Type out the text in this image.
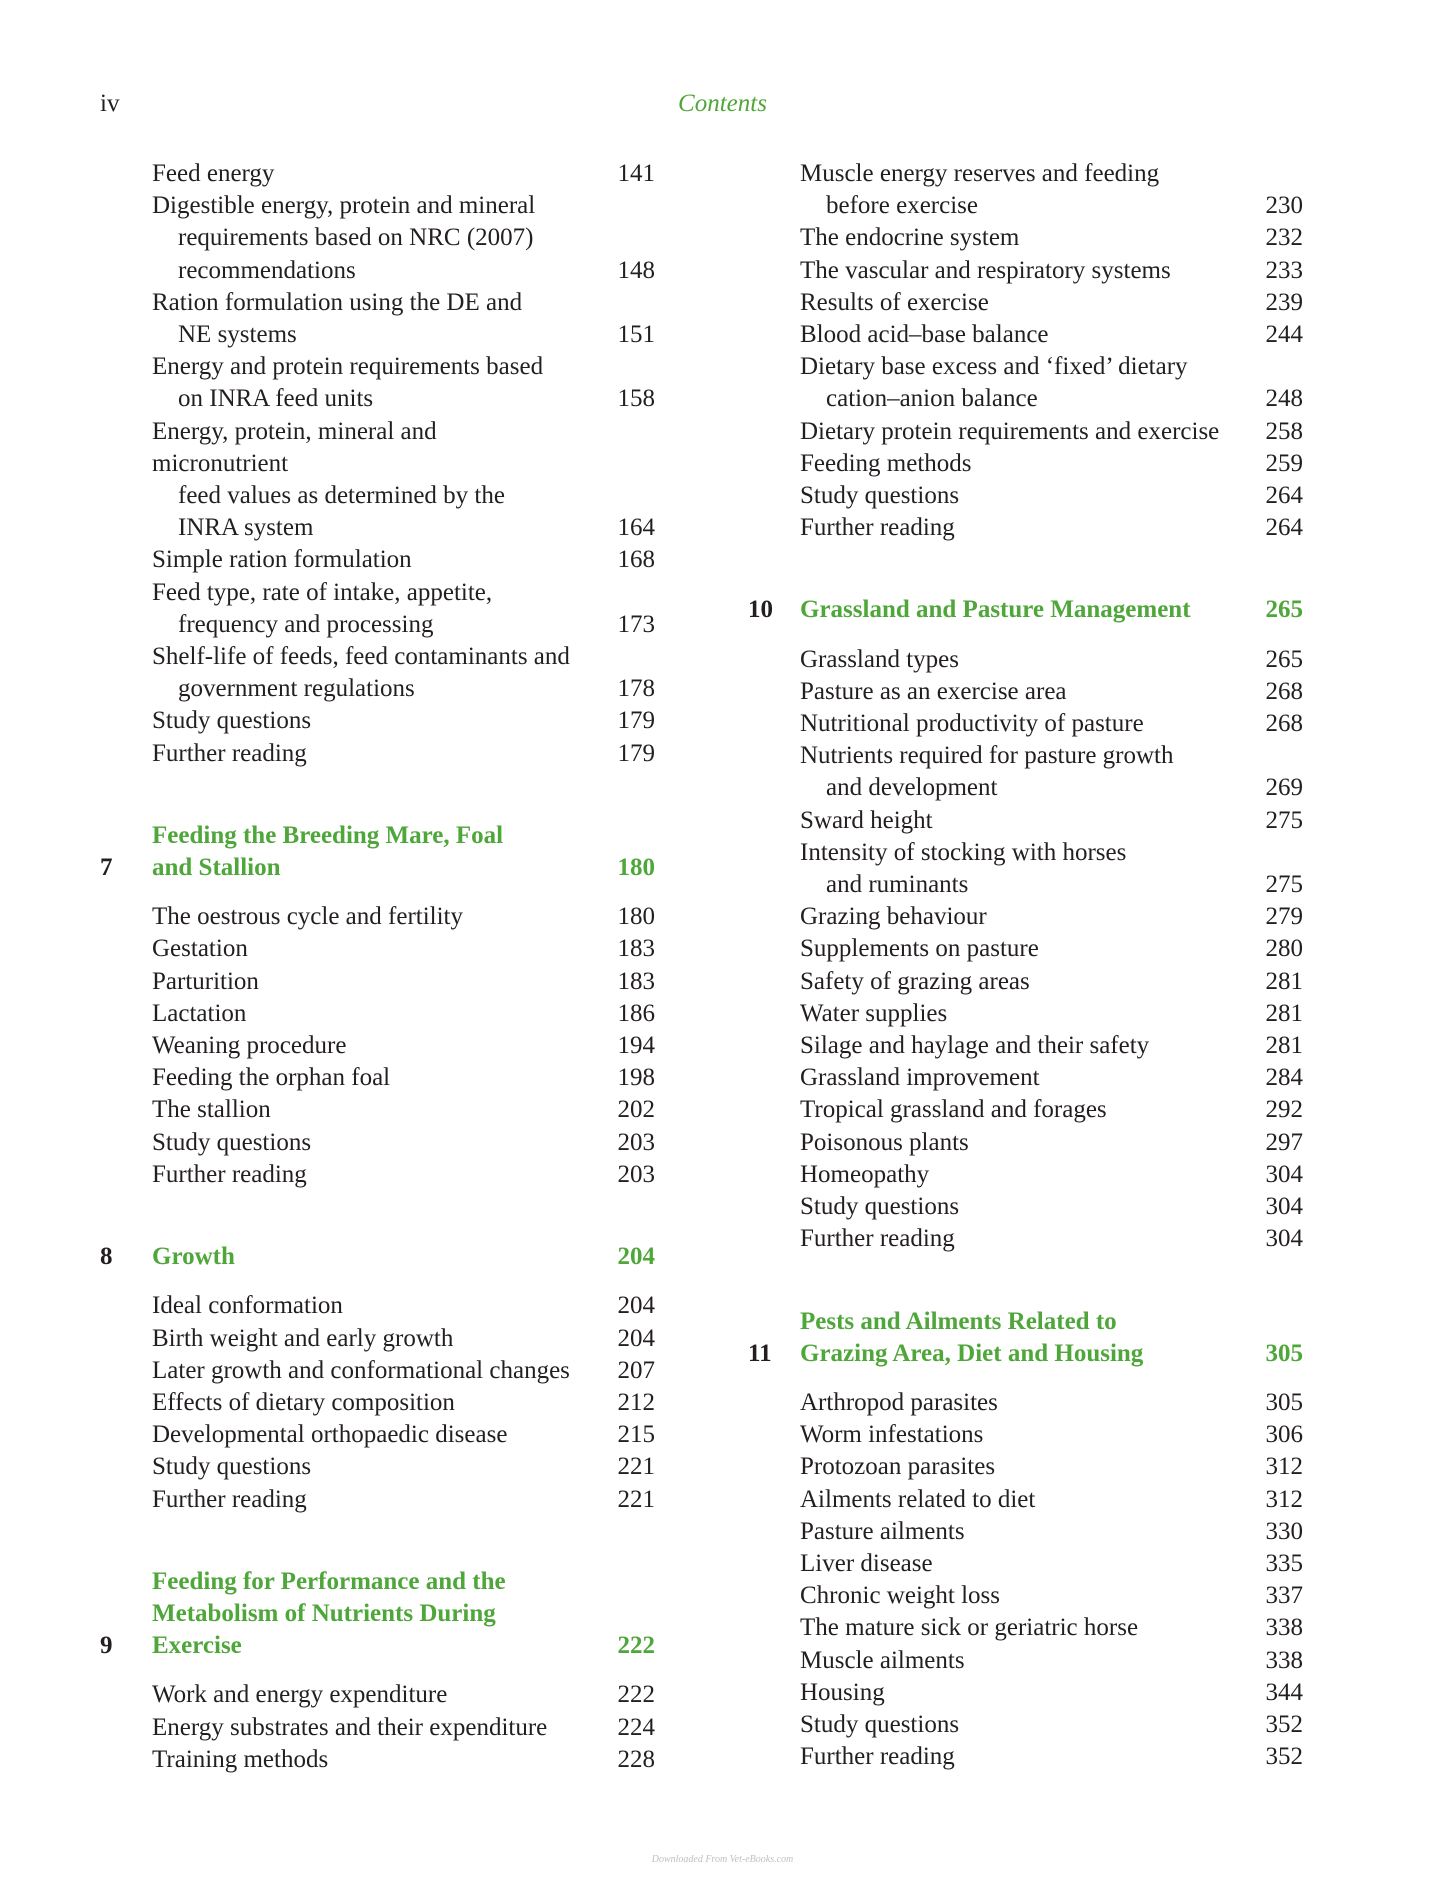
iv	Contents
Feed energy	141
Digestible energy, protein and mineral
requirements based on NRC (2007)
recommendations	148
Ration formulation using the DE and
NE systems	151
Energy and protein requirements based
on INRA feed units	158
Energy, protein, mineral and micronutrient
feed values as determined by the
INRA system	164
Simple ration formulation	168
Feed type, rate of intake, appetite,
frequency and processing	173
Shelf-life of feeds, feed contaminants and
government regulations	178
Study questions	179
Further reading	179
7
Feeding the Breeding Mare, Foal
and Stallion	180
The oestrous cycle and fertility	180
Gestation	183
Parturition	183
Lactation	186
Weaning procedure	194
Feeding the orphan foal	198
The stallion	202
Study questions	203
Further reading	203
8	Growth	204
Ideal conformation	204
Birth weight and early growth	204
Later growth and conformational changes	207
Effects of dietary composition	212
Developmental orthopaedic disease	215
Study questions	221
Further reading	221
9
Feeding for Performance and the
Metabolism of Nutrients During Exercise	222
Work and energy expenditure	222
Energy substrates and their expenditure	224
Training methods	228
Muscle energy reserves and feeding
before exercise	230
The endocrine system	232
The vascular and respiratory systems	233
Results of exercise	239
Blood acid–base balance	244
Dietary base excess and ‘fixed’ dietary
cation–anion balance	248
Dietary protein requirements and exercise	258
Feeding methods	259
Study questions	264
Further reading	264
10	Grassland and Pasture Management	265
Grassland types	265
Pasture as an exercise area	268
Nutritional productivity of pasture	268
Nutrients required for pasture growth
and development	269
Sward height	275
Intensity of stocking with horses
and ruminants	275
Grazing behaviour	279
Supplements on pasture	280
Safety of grazing areas	281
Water supplies	281
Silage and haylage and their safety	281
Grassland improvement	284
Tropical grassland and forages	292
Poisonous plants	297
Homeopathy	304
Study questions	304
Further reading	304
11
Pests and Ailments Related to
Grazing Area, Diet and Housing	305
Arthropod parasites	305
Worm infestations	306
Protozoan parasites	312
Ailments related to diet	312
Pasture ailments	330
Liver disease	335
Chronic weight loss	337
The mature sick or geriatric horse	338
Muscle ailments	338
Housing	344
Study questions	352
Further reading	352
Downloaded From Vet-eBooks.com
